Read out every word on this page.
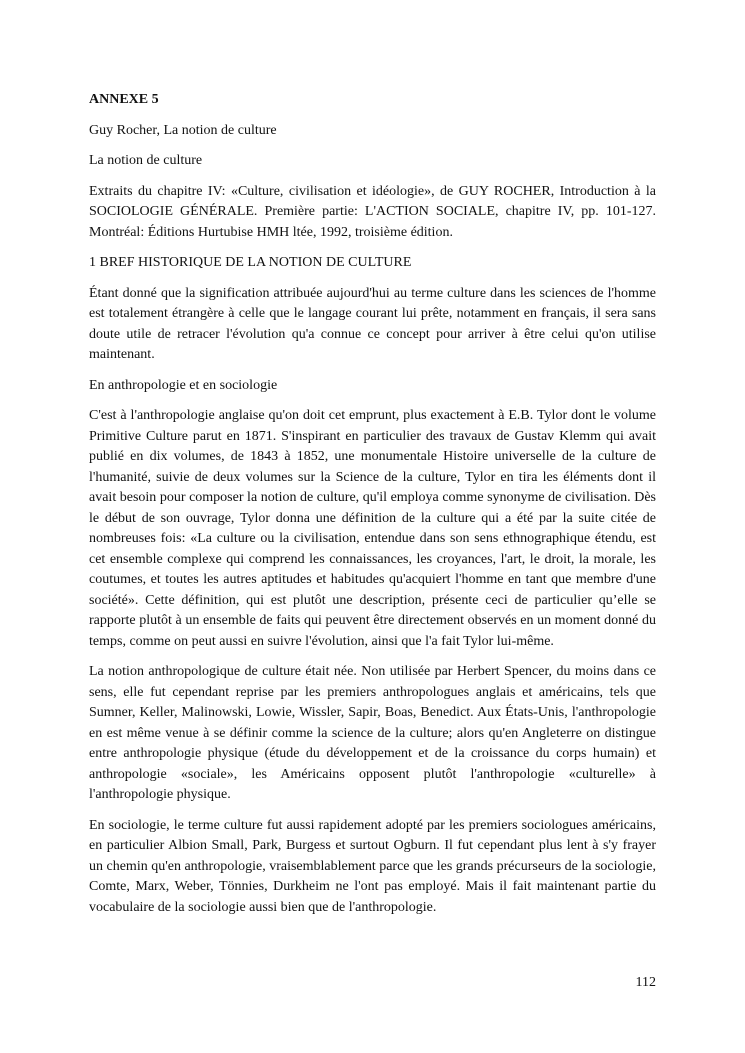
ANNEXE 5

Guy Rocher, La notion de culture

La notion de culture

Extraits du chapitre IV: «Culture, civilisation et idéologie», de GUY ROCHER, Introduction à la SOCIOLOGIE GÉNÉRALE. Première partie: L'ACTION SOCIALE, chapitre IV, pp. 101-127. Montréal: Éditions Hurtubise HMH ltée, 1992, troisième édition.

1 BREF HISTORIQUE DE LA NOTION DE CULTURE

Étant donné que la signification attribuée aujourd'hui au terme culture dans les sciences de l'homme est totalement étrangère à celle que le langage courant lui prête, notamment en français, il sera sans doute utile de retracer l'évolution qu'a connue ce concept pour arriver à être celui qu'on utilise maintenant.

En anthropologie et en sociologie

C'est à l'anthropologie anglaise qu'on doit cet emprunt, plus exactement à E.B. Tylor dont le volume Primitive Culture parut en 1871. S'inspirant en particulier des travaux de Gustav Klemm qui avait publié en dix volumes, de 1843 à 1852, une monumentale Histoire universelle de la culture de l'humanité, suivie de deux volumes sur la Science de la culture, Tylor en tira les éléments dont il avait besoin pour composer la notion de culture, qu'il employa comme synonyme de civilisation. Dès le début de son ouvrage, Tylor donna une définition de la culture qui a été par la suite citée de nombreuses fois: «La culture ou la civilisation, entendue dans son sens ethnographique étendu, est cet ensemble complexe qui comprend les connaissances, les croyances, l'art, le droit, la morale, les coutumes, et toutes les autres aptitudes et habitudes qu'acquiert l'homme en tant que membre d'une société». Cette définition, qui est plutôt une description, présente ceci de particulier qu’elle se rapporte plutôt à un ensemble de faits qui peuvent être directement observés en un moment donné du temps, comme on peut aussi en suivre l'évolution, ainsi que l'a fait Tylor lui-même.

La notion anthropologique de culture était née. Non utilisée par Herbert Spencer, du moins dans ce sens, elle fut cependant reprise par les premiers anthropologues anglais et américains, tels que Sumner, Keller, Malinowski, Lowie, Wissler, Sapir, Boas, Benedict. Aux États-Unis, l'anthropologie en est même venue à se définir comme la science de la culture; alors qu'en Angleterre on distingue entre anthropologie physique (étude du développement et de la croissance du corps humain) et anthropologie «sociale», les Américains opposent plutôt l'anthropologie «culturelle» à l'anthropologie physique.

En sociologie, le terme culture fut aussi rapidement adopté par les premiers sociologues américains, en particulier Albion Small, Park, Burgess et surtout Ogburn. Il fut cependant plus lent à s'y frayer un chemin qu'en anthropologie, vraisemblablement parce que les grands précurseurs de la sociologie, Comte, Marx, Weber, Tönnies, Durkheim ne l'ont pas employé. Mais il fait maintenant partie du vocabulaire de la sociologie aussi bien que de l'anthropologie.

112
